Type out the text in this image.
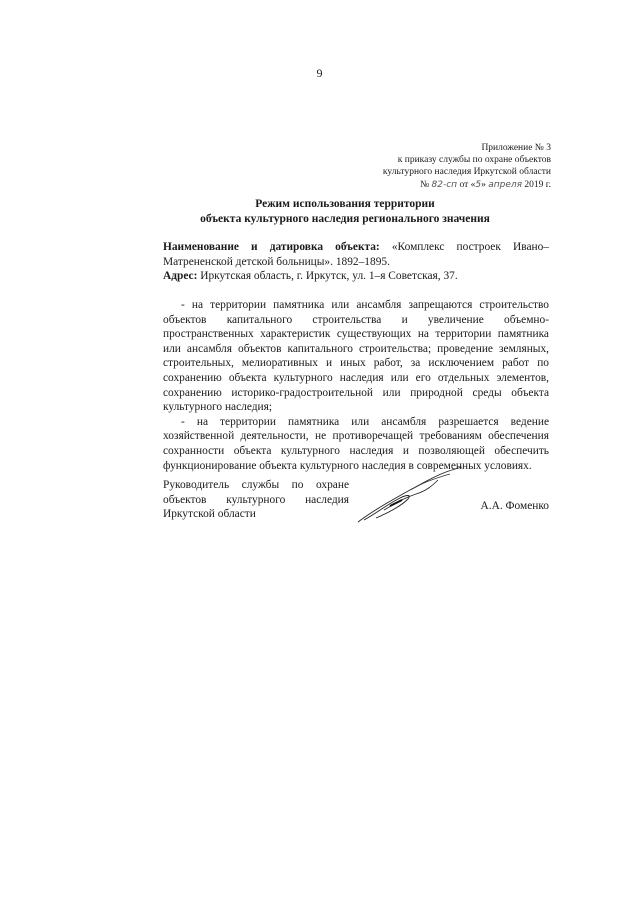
9
Приложение № 3
к приказу службы по охране объектов
культурного наследия Иркутской области
№ 82-сп от «5» апреля 2019 г.
Режим использования территории
объекта культурного наследия регионального значения
Наименование и датировка объекта: «Комплекс построек Ивано–Матрененской детской больницы». 1892–1895.
Адрес: Иркутская область, г. Иркутск, ул. 1–я Советская, 37.
- на территории памятника или ансамбля запрещаются строительство объектов капитального строительства и увеличение объемно-пространственных характеристик существующих на территории памятника или ансамбля объектов капитального строительства; проведение земляных, строительных, мелиоративных и иных работ, за исключением работ по сохранению объекта культурного наследия или его отдельных элементов, сохранению историко-градостроительной или природной среды объекта культурного наследия;
- на территории памятника или ансамбля разрешается ведение хозяйственной деятельности, не противоречащей требованиям обеспечения сохранности объекта культурного наследия и позволяющей обеспечить функционирование объекта культурного наследия в современных условиях.
Руководитель службы по охране объектов культурного наследия Иркутской области
А.А. Фоменко
